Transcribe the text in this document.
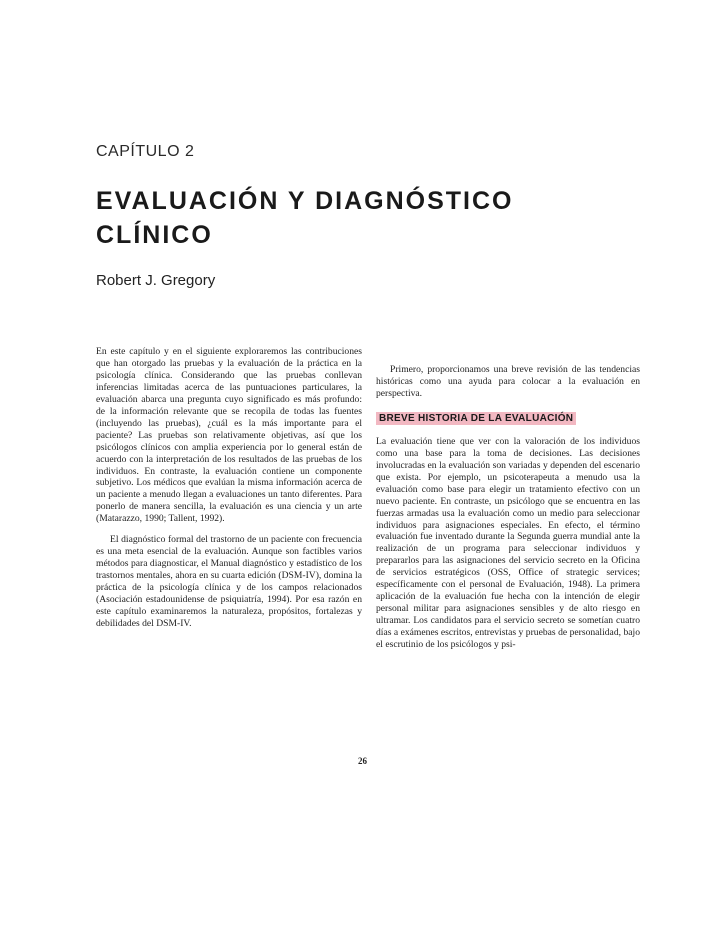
CAPÍTULO 2
EVALUACIÓN Y DIAGNÓSTICO
CLÍNICO
Robert J. Gregory

En este capítulo y en el siguiente exploraremos las contribuciones que han otorgado las pruebas y la evaluación de la práctica en la psicología clínica. Considerando que las pruebas conllevan inferencias limitadas acerca de las puntuaciones particulares, la evaluación abarca una pregunta cuyo significado es más profundo: de la información relevante que se recopila de todas las fuentes (incluyendo las pruebas), ¿cuál es la más importante para el paciente? Las pruebas son relativamente objetivas, así que los psicólogos clínicos con amplia experiencia por lo general están de acuerdo con la interpretación de los resultados de las pruebas de los individuos. En contraste, la evaluación contiene un componente subjetivo. Los médicos que evalúan la misma información acerca de un paciente a menudo llegan a evaluaciones un tanto diferentes. Para ponerlo de manera sencilla, la evaluación es una ciencia y un arte (Matarazzo, 1990; Tallent, 1992).

El diagnóstico formal del trastorno de un paciente con frecuencia es una meta esencial de la evaluación. Aunque son factibles varios métodos para diagnosticar, el Manual diagnóstico y estadístico de los trastornos mentales, ahora en su cuarta edición (DSM-IV), domina la práctica de la psicología clínica y de los campos relacionados (Asociación estadounidense de psiquiatría, 1994). Por esa razón en este capítulo examinaremos la naturaleza, propósitos, fortalezas y debilidades del DSM-IV.

Primero, proporcionamos una breve revisión de las tendencias históricas como una ayuda para colocar a la evaluación en perspectiva.

BREVE HISTORIA DE LA EVALUACIÓN

La evaluación tiene que ver con la valoración de los individuos como una base para la toma de decisiones. Las decisiones involucradas en la evaluación son variadas y dependen del escenario que exista. Por ejemplo, un psicoterapeuta a menudo usa la evaluación como base para elegir un tratamiento efectivo con un nuevo paciente. En contraste, un psicólogo que se encuentra en las fuerzas armadas usa la evaluación como un medio para seleccionar individuos para asignaciones especiales. En efecto, el término evaluación fue inventado durante la Segunda guerra mundial ante la realización de un programa para seleccionar individuos y prepararlos para las asignaciones del servicio secreto en la Oficina de servicios estratégicos (OSS, Office of strategic services; específicamente con el personal de Evaluación, 1948). La primera aplicación de la evaluación fue hecha con la intención de elegir personal militar para asignaciones sensibles y de alto riesgo en ultramar. Los candidatos para el servicio secreto se sometían cuatro días a exámenes escritos, entrevistas y pruebas de personalidad, bajo el escrutinio de los psicólogos y psi-

26
